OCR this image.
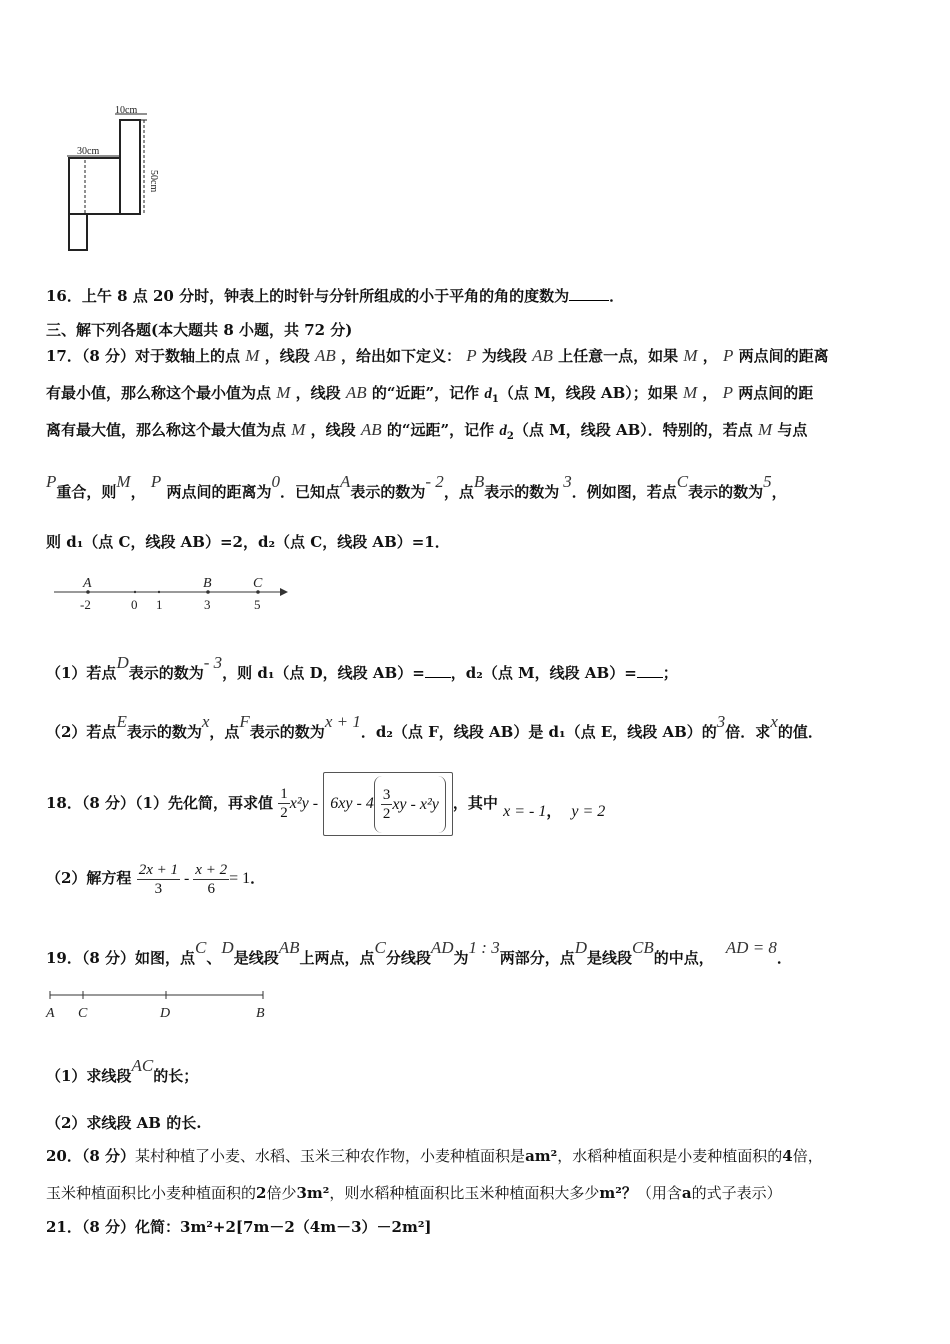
10cm
50cm
30cm
16．上午 8 点 20 分时，钟表上的时针与分针所组成的小于平角的角的度数为	．
三、解下列各题(本大题共 8 小题，共 72 分)
17．（8 分）对于数轴上的点 M ，线段 AB ，给出如下定义： P 为线段 AB 上任意一点，如果 M ， P 两点间的距离
有最小值，那么称这个最小值为点 M ，线段 AB 的“近距”，记作 $d_1$（点 M，线段 AB）；如果 M ， P 两点间的距
离有最大值，那么称这个最大值为点 M ，线段 AB 的“远距”，记作 $d_2$（点 M，线段 AB）．特别的，若点 M 与点
P重合，则M， P 两点间的距离为0．已知点A表示的数为- 2，点B表示的数为3．例如图，若点C表示的数为5，
则 d₁（点 C，线段 AB）=2，d₂（点 C，线段 AB）=1．
A	B	C
-2	0 1	3	5
（1）若点D表示的数为- 3，则 d₁（点 D，线段 AB）= ，d₂（点 M，线段 AB）= ；
（2）若点E表示的数为x，点F表示的数为x + 1．d₂（点 F，线段 AB）是 d₁（点 E，线段 AB）的3倍．求x的值．
18．（8 分）（1）先化简，再求值 $\frac{1}{2} x^2y - 6xy - 4 \frac{3}{2}$ xy - x²y ，其中 x = - 1， y = 2
（2）解方程 $\frac{2x + 1}{3} - \frac{x + 2}{6} = 1$．
19．（8 分）如图，点C、D是线段AB上两点，点C分线段AD为1 : 3两部分，点D是线段CB的中点，AD = 8．
A C	D	B
（1）求线段AC的长；
（2）求线段 AB 的长.
20．（8 分）某村种植了小麦、水稻、玉米三种农作物，小麦种植面积是am²，水稻种植面积是小麦种植面积的4倍，
玉米种植面积比小麦种植面积的2倍少3m²，则水稻种植面积比玉米种植面积大多少m²？（用含a的式子表示）
21．（8 分）化简：3m²+2[7m－2（4m－3）－2m²]
